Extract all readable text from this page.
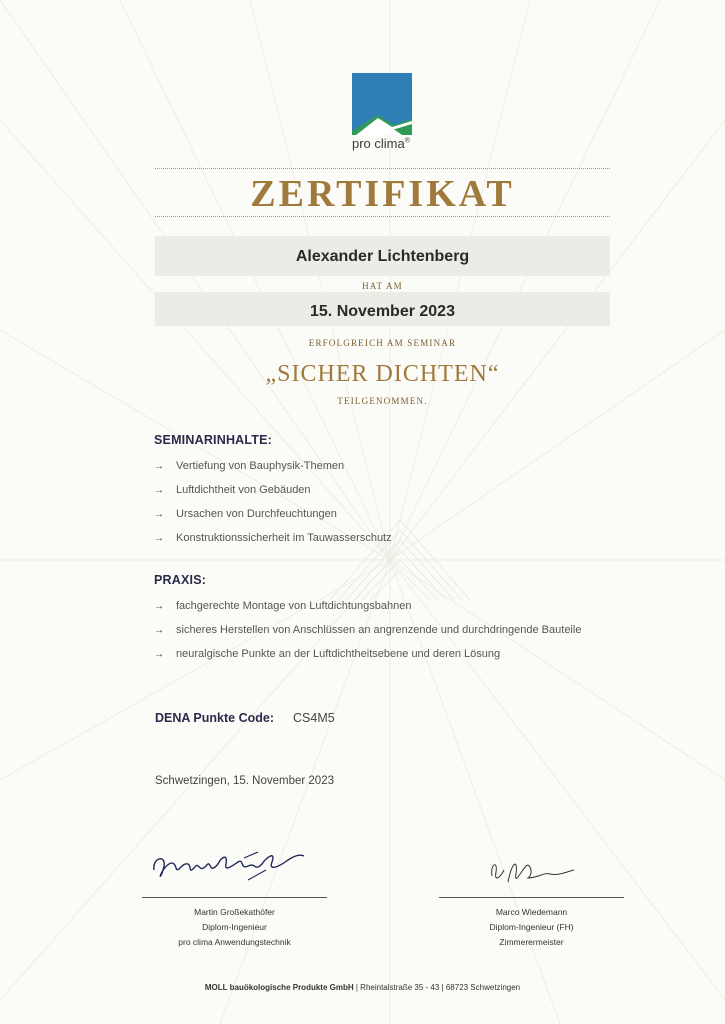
pro clima®
ZERTIFIKAT
Alexander Lichtenberg
HAT AM
15. November 2023
ERFOLGREICH AM SEMINAR
„SICHER DICHTEN“
TEILGENOMMEN.
SEMINARINHALTE:
→	Vertiefung von Bauphysik-Themen
→	Luftdichtheit von Gebäuden
→	Ursachen von Durchfeuchtungen
→	Konstruktionssicherheit im Tauwasserschutz
PRAXIS:
→	fachgerechte Montage von Luftdichtungsbahnen
→	sicheres Herstellen von Anschlüssen an angrenzende und durchdringende Bauteile
→	neuralgische Punkte an der Luftdichtheitsebene und deren Lösung
DENA Punkte Code: CS4M5
Schwetzingen, 15. November 2023
Martin Großekathöfer
Diplom-Ingenieur
pro clima Anwendungstechnik
Marco Wiedemann
Diplom-Ingenieur (FH)
Zimmerermeister
MOLL bauökologische Produkte GmbH | Rheintalstraße 35 - 43 | 68723 Schwetzingen
